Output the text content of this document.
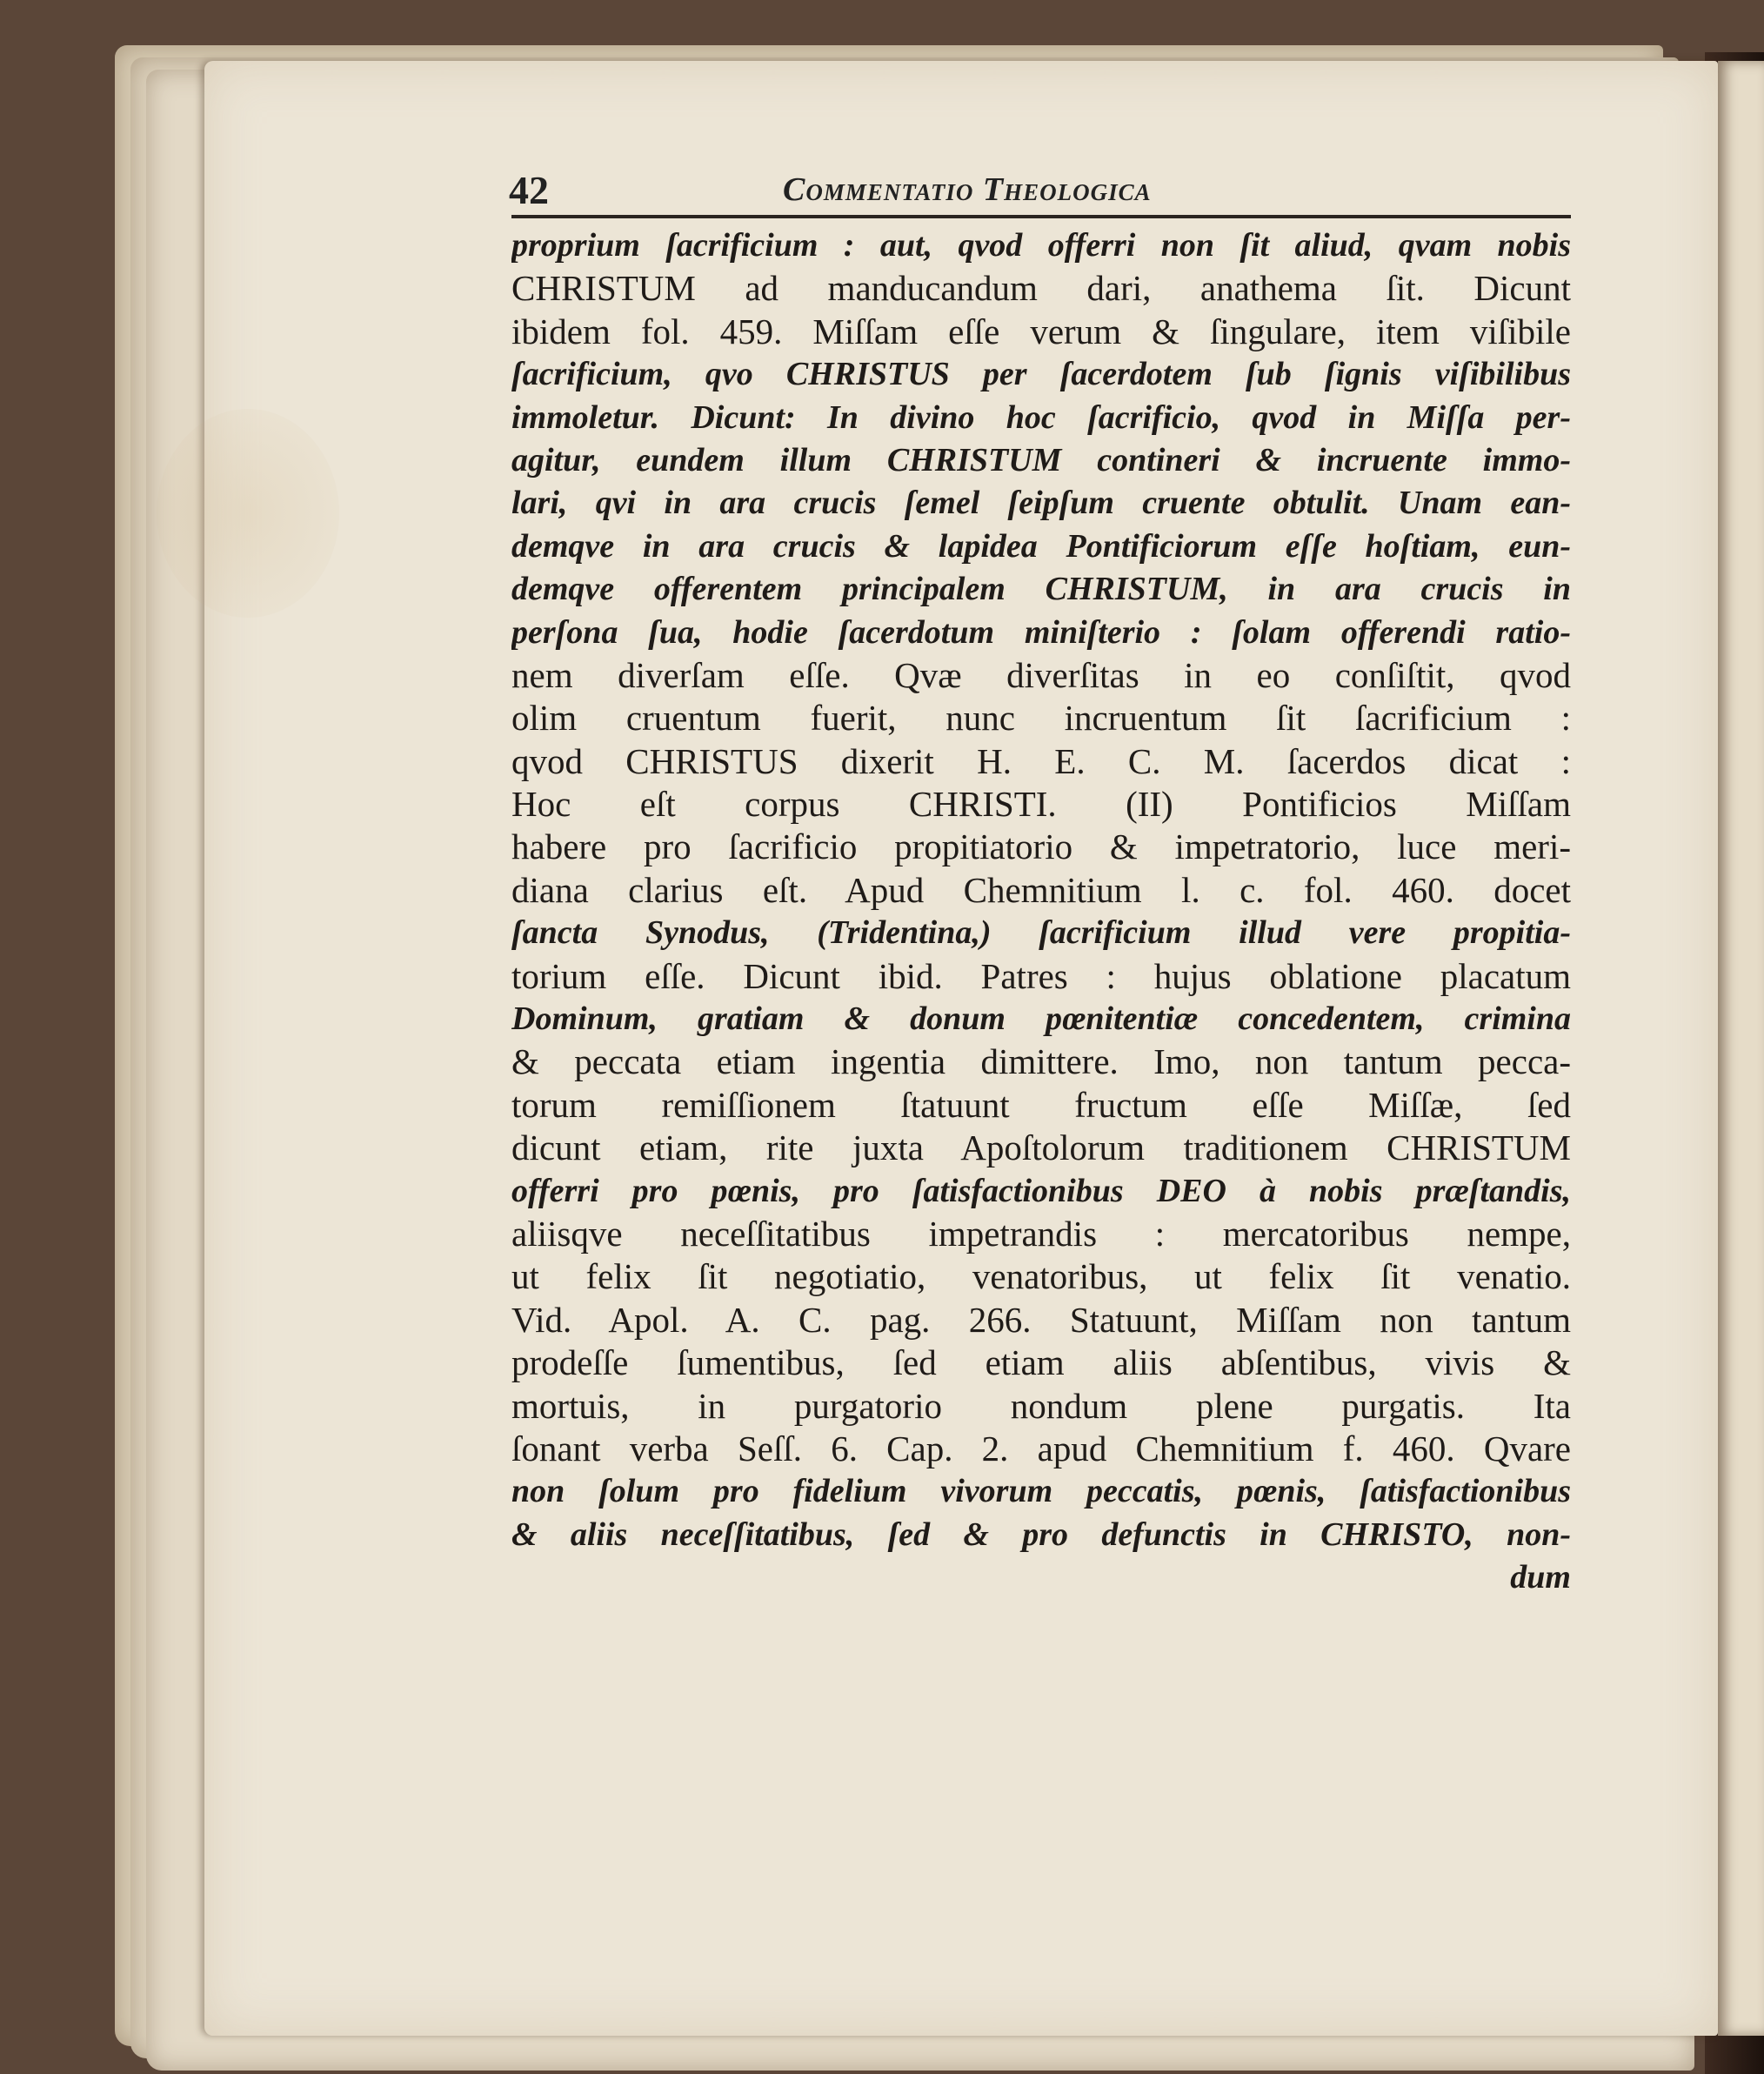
42	Commentatio Theologica
proprium ſacrificium : aut, qvod offerri non ſit aliud, qvam nobis
CHRISTUM ad manducandum dari, anathema ſit. Dicunt
ibidem fol. 459. Miſſam eſſe verum & ſingulare, item viſibile
ſacrificium, qvo CHRISTUS per ſacerdotem ſub ſignis viſibilibus
immoletur. Dicunt: In divino hoc ſacrificio, qvod in Miſſa per-
agitur, eundem illum CHRISTUM contineri & incruente immo-
lari, qvi in ara crucis ſemel ſeipſum cruente obtulit. Unam ean-
demqve in ara crucis & lapidea Pontificiorum eſſe hoſtiam, eun-
demqve offerentem principalem CHRISTUM, in ara crucis in
perſona ſua, hodie ſacerdotum miniſterio : ſolam offerendi ratio-
nem diverſam eſſe. Qvæ diverſitas in eo conſiſtit, qvod
olim cruentum fuerit, nunc incruentum ſit ſacrificium :
qvod CHRISTUS dixerit H. E. C. M. ſacerdos dicat :
Hoc eſt corpus CHRISTI. (II) Pontificios Miſſam
habere pro ſacrificio propitiatorio & impetratorio, luce meri-
diana clarius eſt. Apud Chemnitium l. c. fol. 460. docet
ſancta Synodus, (Tridentina,) ſacrificium illud vere propitia-
torium eſſe. Dicunt ibid. Patres : hujus oblatione placatum
Dominum, gratiam & donum pœnitentiæ concedentem, crimina
& peccata etiam ingentia dimittere. Imo, non tantum pecca-
torum remiſſionem ſtatuunt fructum eſſe Miſſæ, ſed
dicunt etiam, rite juxta Apoſtolorum traditionem CHRISTUM
offerri pro pœnis, pro ſatisfactionibus DEO à nobis præſtandis,
aliisqve neceſſitatibus impetrandis : mercatoribus nempe,
ut felix ſit negotiatio, venatoribus, ut felix ſit venatio.
Vid. Apol. A. C. pag. 266. Statuunt, Miſſam non tantum
prodeſſe ſumentibus, ſed etiam aliis abſentibus, vivis &
mortuis, in purgatorio nondum plene purgatis. Ita
ſonant verba Seſſ. 6. Cap. 2. apud Chemnitium f. 460. Qvare
non ſolum pro fidelium vivorum peccatis, pœnis, ſatisfactionibus
& aliis neceſſitatibus, ſed & pro defunctis in CHRISTO, non-
dum
